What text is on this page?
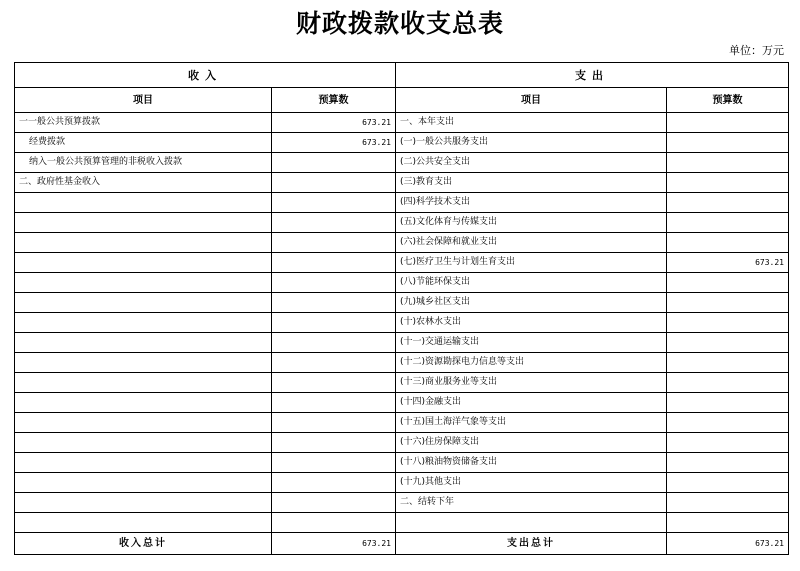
财政拨款收支总表
单位：万元
收入		支出	
项目	预算数	项目	预算数
一一般公共预算拨款	673.21	一、本年支出	
经费拨款	673.21	(一)一般公共服务支出	
纳入一般公共预算管理的非税收入拨款		(二)公共安全支出	
二、政府性基金收入		(三)教育支出	
		(四)科学技术支出	
		(五)文化体育与传媒支出	
		(六)社会保障和就业支出	
		(七)医疗卫生与计划生育支出	673.21
		(八)节能环保支出	
		(九)城乡社区支出	
		(十)农林水支出	
		(十一)交通运输支出	
		(十二)资源勘探电力信息等支出	
		(十三)商业服务业等支出	
		(十四)金融支出	
		(十五)国土海洋气象等支出	
		(十六)住房保障支出	
		(十八)粮油物资储备支出	
		(十九)其他支出	
		二、结转下年	

收入总计	673.21	支出总计	673.21
